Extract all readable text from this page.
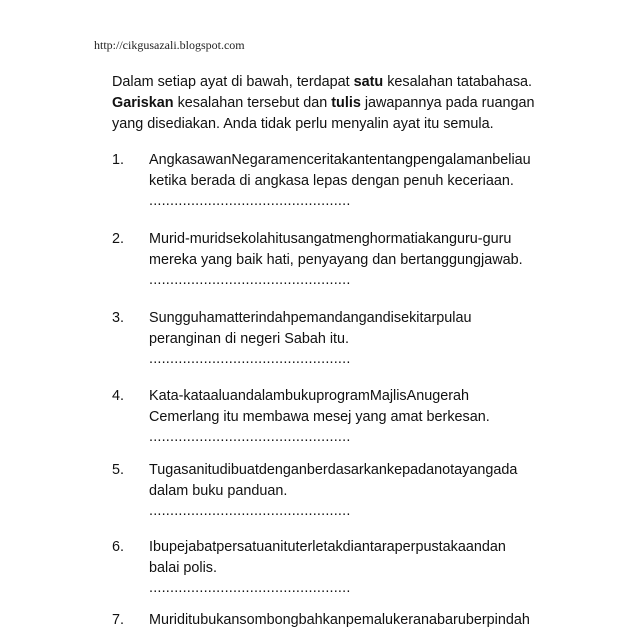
http://cikgusazali.blogspot.com
Dalam setiap ayat di bawah, terdapat satu kesalahan tatabahasa.
Gariskan kesalahan tersebut dan tulis jawapannya pada ruangan
yang disediakan. Anda tidak perlu menyalin ayat itu semula.
1. AngkasawanNegaramenceritakantentangpengalamanbeliau
ketika berada di angkasa lepas dengan penuh keceriaan.
................................................
2. Murid-muridsekolahitusangatmenghormatiakanguru-guru
mereka yang baik hati, penyayang dan bertanggungjawab.
................................................
3. Sungguhamatterindahpemandangandisekitarpulau
peranginan di negeri Sabah itu.
................................................
4. Kata-kataaluandalambukuprogramMajlisAnugerah
Cemerlang itu membawa mesej yang amat berkesan.
................................................
5. Tugasanitudibuatdenganberdasarkankepadanotayangada
dalam buku panduan.
................................................
6. Ibupejabatpersatuanituterletakdiantaraperpustakaandan
balai polis.
................................................
7. Muriditubukansombongbahkanpemalukeranabaruberpindah
